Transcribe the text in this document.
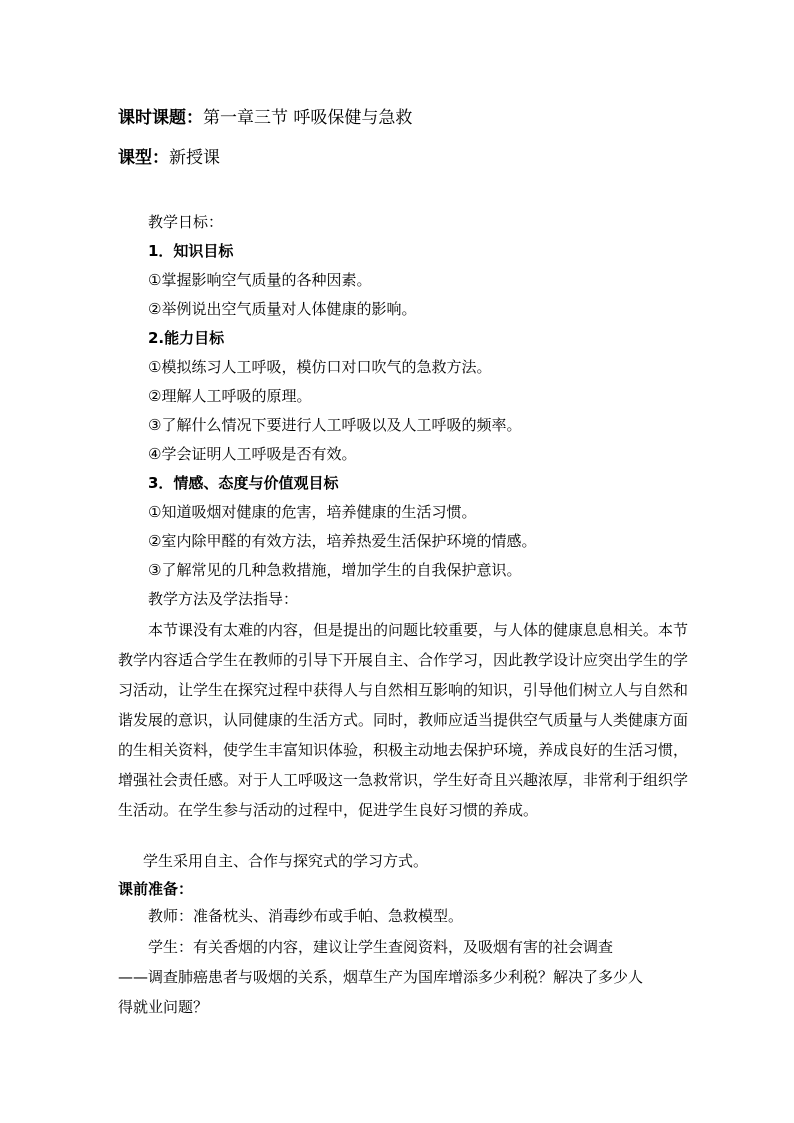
课时课题：第一章三节 呼吸保健与急救
课型：新授课
教学日标：
1．知识目标
①掌握影响空气质量的各种因素。
②举例说出空气质量对人体健康的影响。
2.能力目标
①模拟练习人工呼吸，模仿口对口吹气的急救方法。
②理解人工呼吸的原理。
③了解什么情况下要进行人工呼吸以及人工呼吸的频率。
④学会证明人工呼吸是否有效。
3．情感、态度与价值观目标
①知道吸烟对健康的危害，培养健康的生活习惯。
②室内除甲醛的有效方法，培养热爱生活保护环境的情感。
③了解常见的几种急救措施，增加学生的自我保护意识。
教学方法及学法指导：
本节课没有太难的内容，但是提出的问题比较重要，与人体的健康息息相关。本节教学内容适合学生在教师的引导下开展自主、合作学习，因此教学设计应突出学生的学习活动，让学生在探究过程中获得人与自然相互影响的知识，引导他们树立人与自然和谐发展的意识，认同健康的生活方式。同时，教师应适当提供空气质量与人类健康方面的生相关资料，使学生丰富知识体验，积极主动地去保护环境，养成良好的生活习惯，增强社会责任感。对于人工呼吸这一急救常识，学生好奇且兴趣浓厚，非常利于组织学生活动。在学生参与活动的过程中，促进学生良好习惯的养成。
学生采用自主、合作与探究式的学习方式。
课前准备：
教师：准备枕头、消毒纱布或手帕、急救模型。
学生：有关香烟的内容，建议让学生查阅资料，及吸烟有害的社会调查
——调查肺癌患者与吸烟的关系，烟草生产为国库增添多少利税？解决了多少人
得就业问题？
